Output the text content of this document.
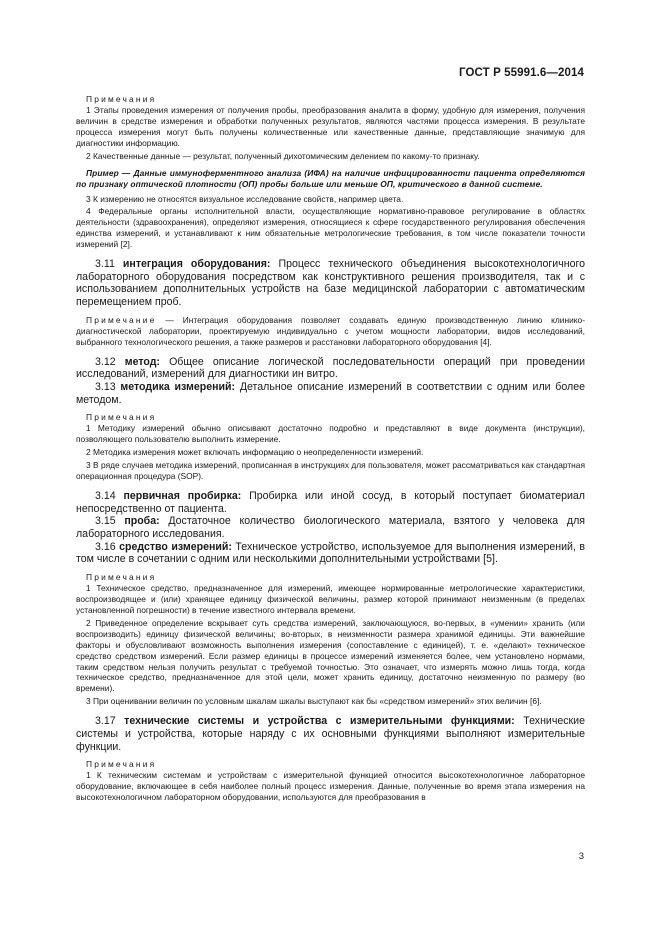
ГОСТ Р 55991.6—2014
Примечания

1 Этапы проведения измерения от получения пробы, преобразования аналита в форму, удобную для измерения, получения величин в средстве измерения и обработки полученных результатов, являются частями процесса измерения. В результате процесса измерения могут быть получены количественные или качественные данные, представляющие значимую для диагностики информацию.

2 Качественные данные — результат, полученный дихотомическим делением по какому-то признаку.

Пример — Данные иммуноферментного анализа (ИФА) на наличие инфицированности пациента определяются по признаку оптической плотности (ОП) пробы больше или меньше ОП, критического в данной системе.

3 К измерению не относятся визуальное исследование свойств, например цвета.

4 Федеральные органы исполнительной власти, осуществляющие нормативно-правовое регулирование в областях деятельности (здравоохранения), определяют измерения, относящиеся к сфере государственного регулирования обеспечения единства измерений, и устанавливают к ним обязательные метрологические требования, в том числе показатели точности измерений [2].

3.11 интеграция оборудования: Процесс технического объединения высокотехнологичного лабораторного оборудования посредством как конструктивного решения производителя, так и с использованием дополнительных устройств на базе медицинской лаборатории с автоматическим перемещением проб.

Примечание — Интеграция оборудования позволяет создавать единую производственную линию клинико-диагностической лаборатории, проектируемую индивидуально с учетом мощности лаборатории, видов исследований, выбранного технологического решения, а также размеров и расстановки лабораторного оборудования [4].

3.12 метод: Общее описание логической последовательности операций при проведении исследований, измерений для диагностики ин витро.

3.13 методика измерений: Детальное описание измерений в соответствии с одним или более методом.

Примечания

1 Методику измерений обычно описывают достаточно подробно и представляют в виде документа (инструкции), позволяющего пользователю выполнить измерение.

2 Методика измерения может включать информацию о неопределенности измерений.

3 В ряде случаев методика измерений, прописанная в инструкциях для пользователя, может рассматриваться как стандартная операционная процедура (SOP).

3.14 первичная пробирка: Пробирка или иной сосуд, в который поступает биоматериал непосредственно от пациента.

3.15 проба: Достаточное количество биологического материала, взятого у человека для лабораторного исследования.

3.16 средство измерений: Техническое устройство, используемое для выполнения измерений, в том числе в сочетании с одним или несколькими дополнительными устройствами [5].

Примечания

1 Техническое средство, предназначенное для измерений, имеющее нормированные метрологические характеристики, воспроизводящее и (или) хранящее единицу физической величины, размер которой принимают неизменным (в пределах установленной погрешности) в течение известного интервала времени.

2 Приведенное определение вскрывает суть средства измерений, заключающуюся, во-первых, в «умении» хранить (или воспроизводить) единицу физической величины; во-вторых, в неизменности размера хранимой единицы. Эти важнейшие факторы и обусловливают возможность выполнения измерения (сопоставление с единицей), т. е. «делают» техническое средство средством измерений. Если размер единицы в процессе измерений изменяется более, чем установлено нормами, таким средством нельзя получить результат с требуемой точностью. Это означает, что измерять можно лишь тогда, когда техническое средство, предназначенное для этой цели, может хранить единицу, достаточно неизменную по размеру (во времени).

3 При оценивании величин по условным шкалам шкалы выступают как бы «средством измерений» этих величин [6].

3.17 технические системы и устройства с измерительными функциями: Технические системы и устройства, которые наряду с их основными функциями выполняют измерительные функции.

Примечания

1 К техническим системам и устройствам с измерительной функцией относится высокотехнологичное лабораторное оборудование, включающее в себя наиболее полный процесс измерения. Данные, полученные во время этапа измерения на высокотехнологичном лабораторном оборудовании, используются для преобразования в

3
